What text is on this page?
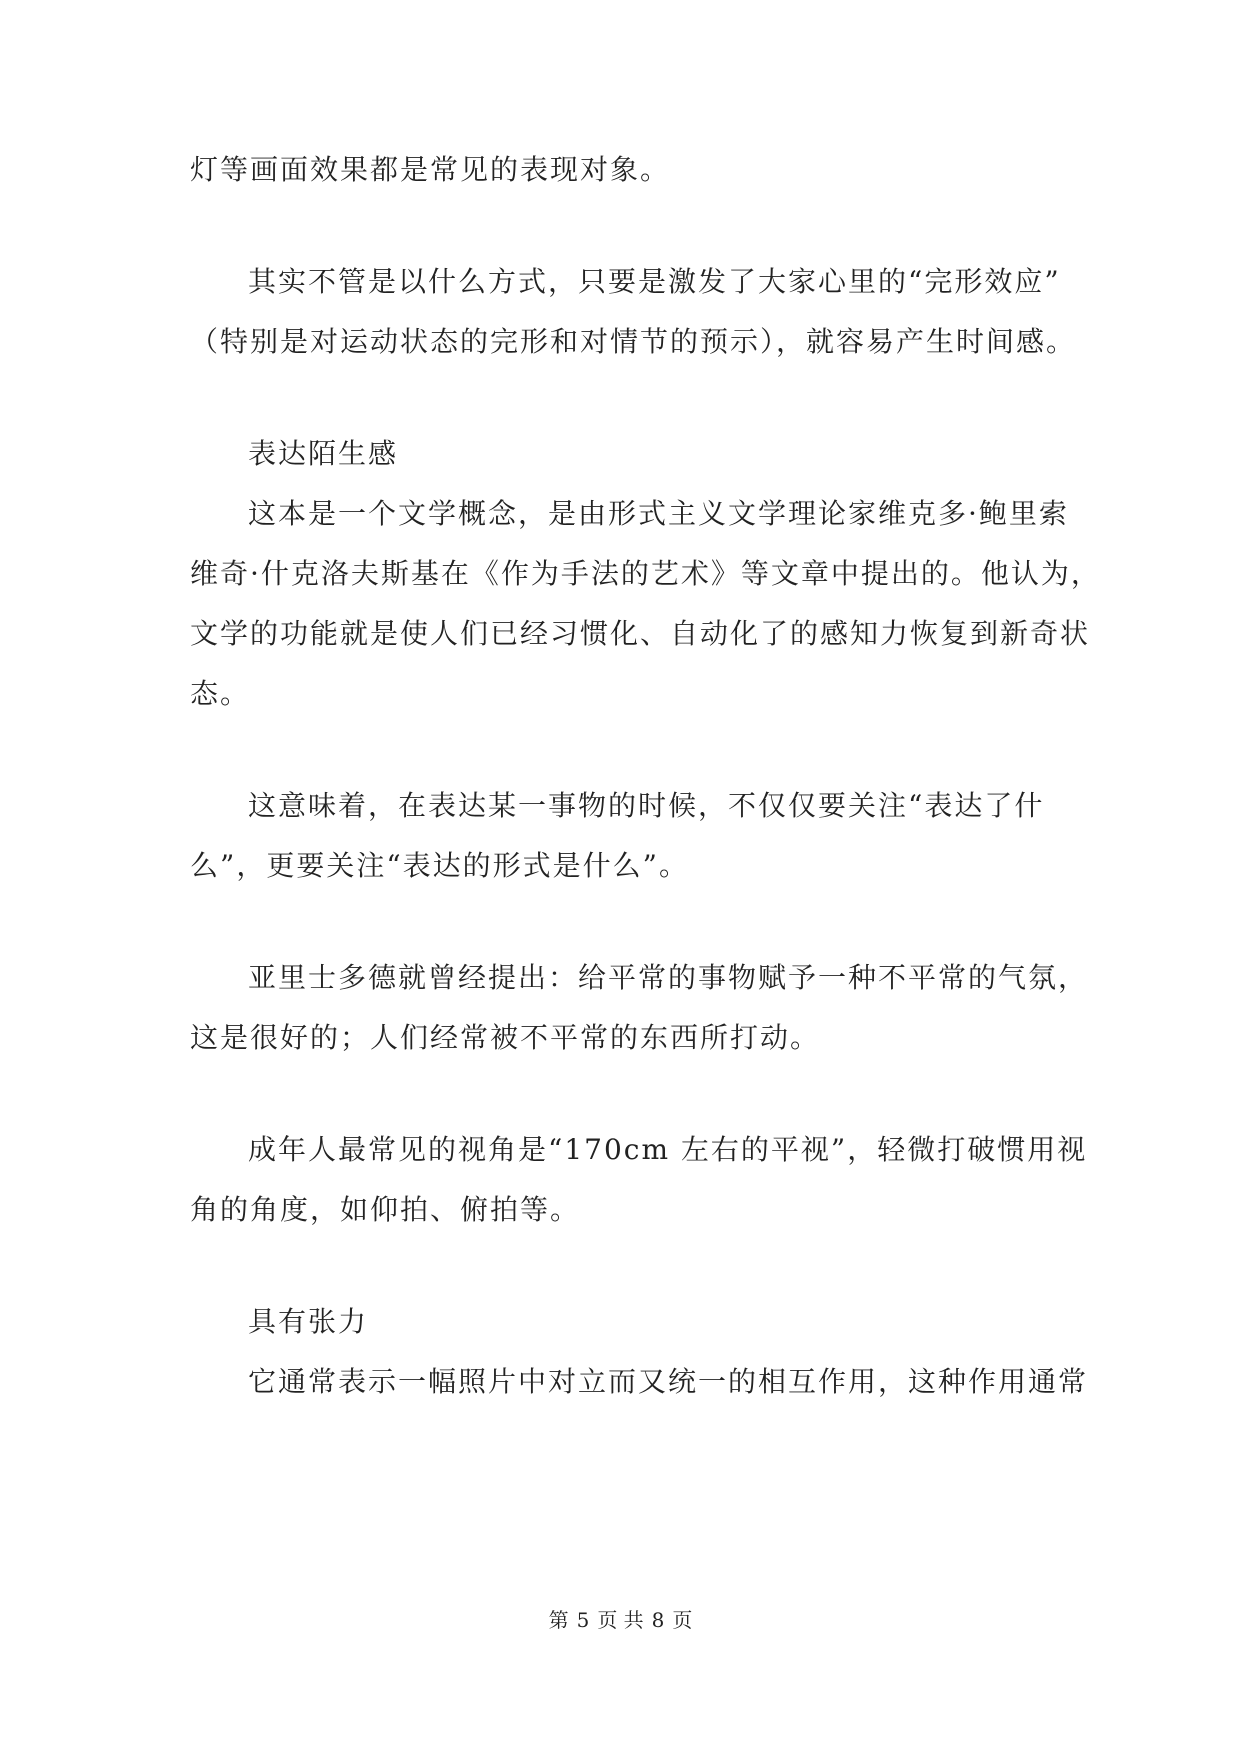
灯等画面效果都是常见的表现对象。
其实不管是以什么方式，只要是激发了大家心里的“完形效应”
（特别是对运动状态的完形和对情节的预示），就容易产生时间感。
表达陌生感
这本是一个文学概念，是由形式主义文学理论家维克多·鲍里索
维奇·什克洛夫斯基在《作为手法的艺术》等文章中提出的。他认为，
文学的功能就是使人们已经习惯化、自动化了的感知力恢复到新奇状
态。
这意味着，在表达某一事物的时候，不仅仅要关注“表达了什
么”，更要关注“表达的形式是什么”。
亚里士多德就曾经提出：给平常的事物赋予一种不平常的气氛，
这是很好的；人们经常被不平常的东西所打动。
成年人最常见的视角是“170cm 左右的平视”，轻微打破惯用视
角的角度，如仰拍、俯拍等。
具有张力
它通常表示一幅照片中对立而又统一的相互作用，这种作用通常
第 5 页 共 8 页
